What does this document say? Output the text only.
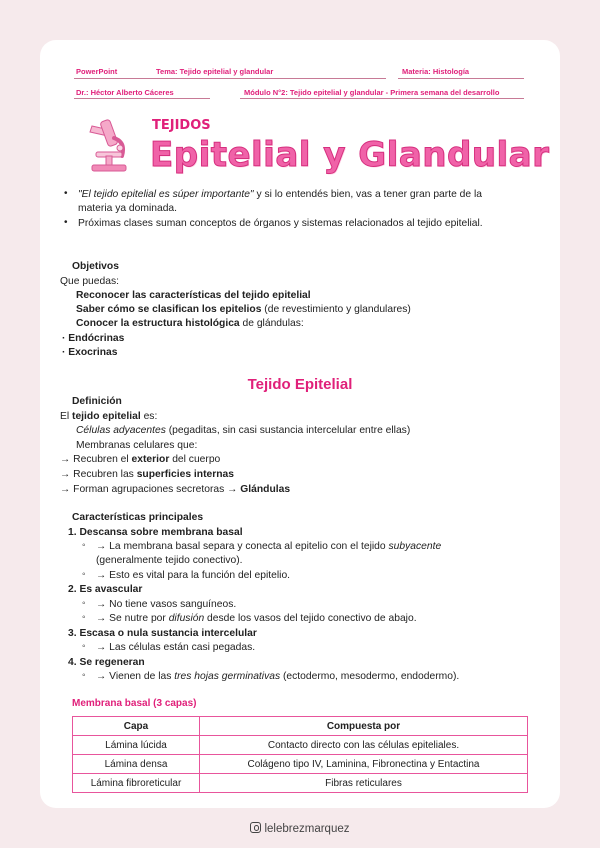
PowerPoint	Tema: Tejido epitelial y glandular	Materia: Histología
Dr.: Héctor Alberto Cáceres	Módulo N°2: Tejido epitelial y glandular - Primera semana del desarrollo
TEJIDOS
Epitelial y Glandular
• "El tejido epitelial es súper importante" y si lo entendés bien, vas a tener gran parte de la
materia ya dominada.
• Próximas clases suman conceptos de órganos y sistemas relacionados al tejido epitelial.
Objetivos
Que puedas:
Reconocer las características del tejido epitelial
Saber cómo se clasifican los epitelios (de revestimiento y glandulares)
Conocer la estructura histológica de glándulas:
· Endócrinas
· Exocrinas
Tejido Epitelial
Definición
El tejido epitelial es:
Células adyacentes (pegaditas, sin casi sustancia intercelular entre ellas)
Membranas celulares que:
→ Recubren el exterior del cuerpo
→ Recubren las superficies internas
→ Forman agrupaciones secretoras → Glándulas
Características principales
1. Descansa sobre membrana basal
◦ → La membrana basal separa y conecta al epitelio con el tejido subyacente
(generalmente tejido conectivo).
◦ → Esto es vital para la función del epitelio.
2. Es avascular
◦ → No tiene vasos sanguíneos.
◦ → Se nutre por difusión desde los vasos del tejido conectivo de abajo.
3. Escasa o nula sustancia intercelular
◦ → Las células están casi pegadas.
4. Se regeneran
◦ → Vienen de las tres hojas germinativas (ectodermo, mesodermo, endodermo).
Membrana basal (3 capas)
Capa	Compuesta por
Lámina lúcida	Contacto directo con las células epiteliales.
Lámina densa	Colágeno tipo IV, Laminina, Fibronectina y Entactina
Lámina fibroreticular	Fibras reticulares
lelebrezmarquez
